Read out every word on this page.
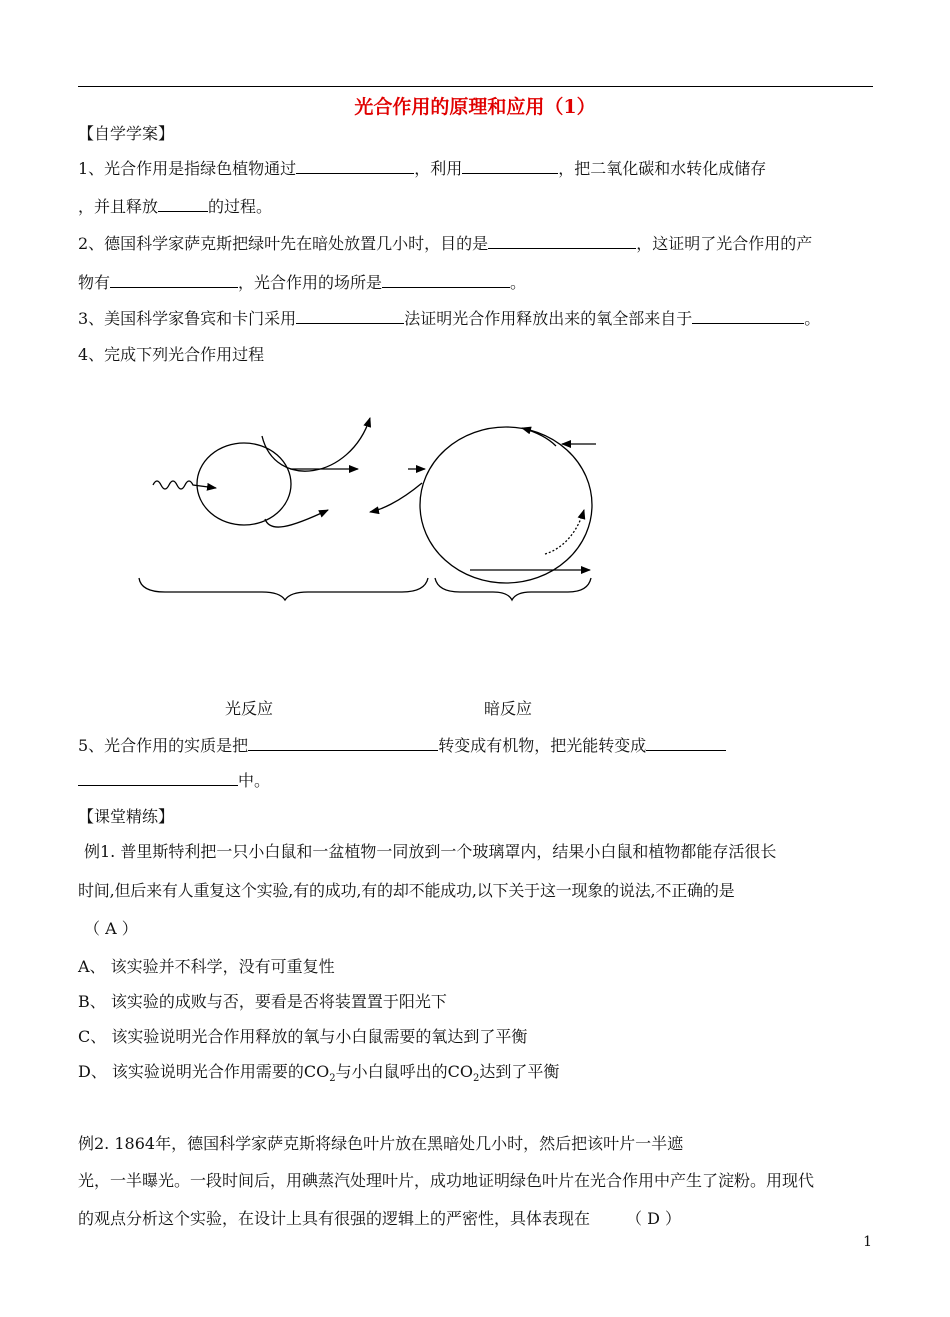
光合作用的原理和应用（1）
【自学学案】
1、光合作用是指绿色植物通过	，利用	，把二氧化碳和水转化成储存
，并且释放	的过程。
2、德国科学家萨克斯把绿叶先在暗处放置几小时，目的是	，这证明了光合作用的产
物有	，光合作用的场所是	。
3、美国科学家鲁宾和卡门采用	法证明光合作用释放出来的氧全部来自于	。
4、完成下列光合作用过程
光反应	暗反应
5、光合作用的实质是把	转变成有机物，把光能转变成
中。
【课堂精练】
例1. 普里斯特利把一只小白鼠和一盆植物一同放到一个玻璃罩内，结果小白鼠和植物都能存活很长
时间,但后来有人重复这个实验,有的成功,有的却不能成功,以下关于这一现象的说法,不正确的是
（ A ）
A、 该实验并不科学，没有可重复性
B、 该实验的成败与否，要看是否将装置置于阳光下
C、 该实验说明光合作用释放的氧与小白鼠需要的氧达到了平衡
D、 该实验说明光合作用需要的$CO_2$与小白鼠呼出的$CO_2$达到了平衡
例2. 1864年，德国科学家萨克斯将绿色叶片放在黑暗处几小时，然后把该叶片一半遮
光，一半曝光。一段时间后，用碘蒸汽处理叶片，成功地证明绿色叶片在光合作用中产生了淀粉。用现代
的观点分析这个实验，在设计上具有很强的逻辑上的严密性，具体表现在 （ D ）
1
